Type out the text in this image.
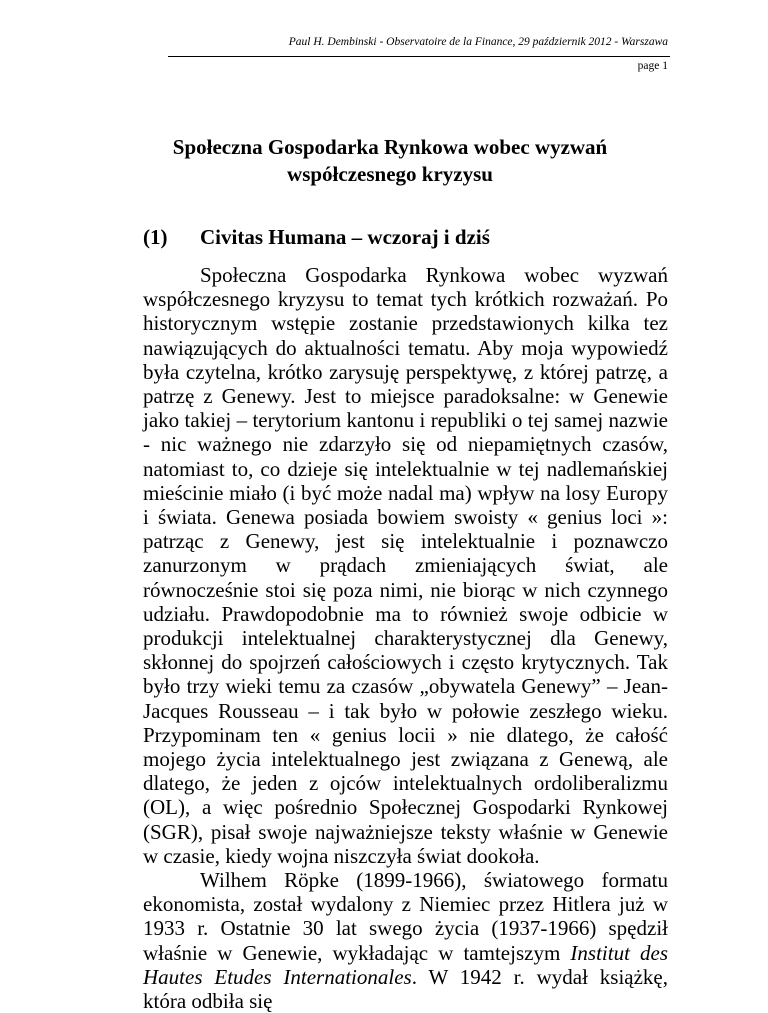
Paul H. Dembinski - Observatoire de la Finance, 29 październik 2012 - Warszawa

page 1

Społeczna Gospodarka Rynkowa wobec wyzwań
współczesnego kryzysu
(1) Civitas Humana – wczoraj i dziś

Społeczna Gospodarka Rynkowa wobec wyzwań współczesnego kryzysu to temat tych krótkich rozważań. Po historycznym wstępie zostanie przedstawionych kilka tez nawiązujących do aktualności tematu. Aby moja wypowiedź była czytelna, krótko zarysuję perspektywę, z której patrzę, a patrzę z Genewy. Jest to miejsce paradoksalne: w Genewie jako takiej – terytorium kantonu i republiki o tej samej nazwie - nic ważnego nie zdarzyło się od niepamiętnych czasów, natomiast to, co dzieje się intelektualnie w tej nadlemańskiej mieścinie miało (i być może nadal ma) wpływ na losy Europy i świata. Genewa posiada bowiem swoisty « genius loci »: patrząc z Genewy, jest się intelektualnie i poznawczo zanurzonym w prądach zmieniających świat, ale równocześnie stoi się poza nimi, nie biorąc w nich czynnego udziału. Prawdopodobnie ma to również swoje odbicie w produkcji intelektualnej charakterystycznej dla Genewy, skłonnej do spojrzeń całościowych i często krytycznych. Tak było trzy wieki temu za czasów „obywatela Genewy” – Jean-Jacques Rousseau – i tak było w połowie zeszłego wieku. Przypominam ten « genius locii » nie dlatego, że całość mojego życia intelektualnego jest związana z Genewą, ale dlatego, że jeden z ojców intelektualnych ordoliberalizmu (OL), a więc pośrednio Społecznej Gospodarki Rynkowej (SGR), pisał swoje najważniejsze teksty właśnie w Genewie w czasie, kiedy wojna niszczyła świat dookoła.

Wilhem Röpke (1899-1966), światowego formatu ekonomista, został wydalony z Niemiec przez Hitlera już w 1933 r. Ostatnie 30 lat swego życia (1937-1966) spędził właśnie w Genewie, wykładając w tamtejszym Institut des Hautes Etudes Internationales. W 1942 r. wydał książkę, która odbiła się
